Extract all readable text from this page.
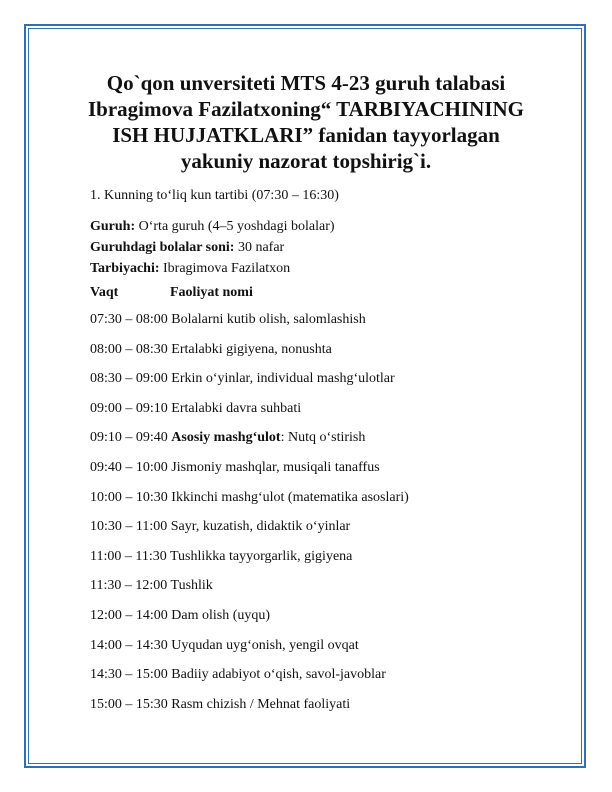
Qo`qon unversiteti MTS 4-23 guruh talabasi
Ibragimova Fazilatxoning“ TARBIYACHINING
ISH HUJJATKLARI” fanidan tayyorlagan
yakuniy nazorat topshirig`i.
1. Kunning to‘liq kun tartibi (07:30 – 16:30)
Guruh: O‘rta guruh (4–5 yoshdagi bolalar)
Guruhdagi bolalar soni: 30 nafar
Tarbiyachi: Ibragimova Fazilatxon
Vaqt	Faoliyat nomi
07:30 – 08:00 Bolalarni kutib olish, salomlashish
08:00 – 08:30 Ertalabki gigiyena, nonushta
08:30 – 09:00 Erkin o‘yinlar, individual mashg‘ulotlar
09:00 – 09:10 Ertalabki davra suhbati
09:10 – 09:40 Asosiy mashg‘ulot: Nutq o‘stirish
09:40 – 10:00 Jismoniy mashqlar, musiqali tanaffus
10:00 – 10:30 Ikkinchi mashg‘ulot (matematika asoslari)
10:30 – 11:00 Sayr, kuzatish, didaktik o‘yinlar
11:00 – 11:30 Tushlikka tayyorgarlik, gigiyena
11:30 – 12:00 Tushlik
12:00 – 14:00 Dam olish (uyqu)
14:00 – 14:30 Uyqudan uyg‘onish, yengil ovqat
14:30 – 15:00 Badiiy adabiyot o‘qish, savol-javoblar
15:00 – 15:30 Rasm chizish / Mehnat faoliyati
